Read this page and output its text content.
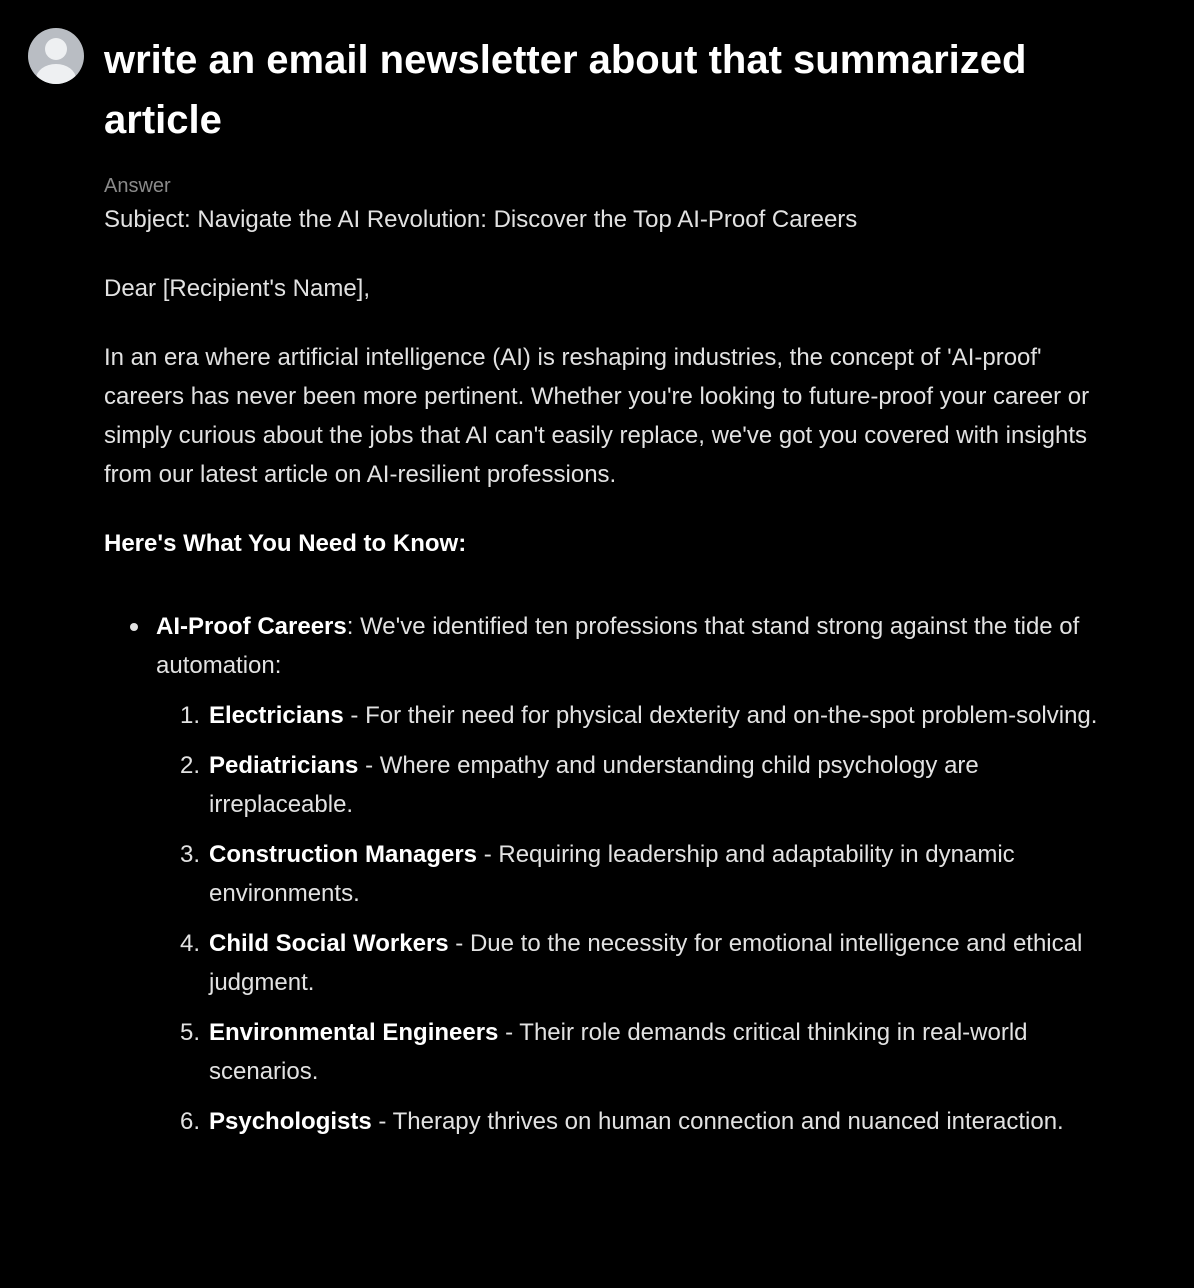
write an email newsletter about that summarized article
Answer

Subject: Navigate the AI Revolution: Discover the Top AI-Proof Careers

Dear [Recipient's Name],

In an era where artificial intelligence (AI) is reshaping industries, the concept of 'AI-proof' careers has never been more pertinent. Whether you're looking to future-proof your career or simply curious about the jobs that AI can't easily replace, we've got you covered with insights from our latest article on AI-resilient professions.

Here's What You Need to Know:

AI-Proof Careers: We've identified ten professions that stand strong against the tide of automation:
1. Electricians - For their need for physical dexterity and on-the-spot problem-solving.
2. Pediatricians - Where empathy and understanding child psychology are irreplaceable.
3. Construction Managers - Requiring leadership and adaptability in dynamic environments.
4. Child Social Workers - Due to the necessity for emotional intelligence and ethical judgment.
5. Environmental Engineers - Their role demands critical thinking in real-world scenarios.
6. Psychologists - Therapy thrives on human connection and nuanced interaction.
